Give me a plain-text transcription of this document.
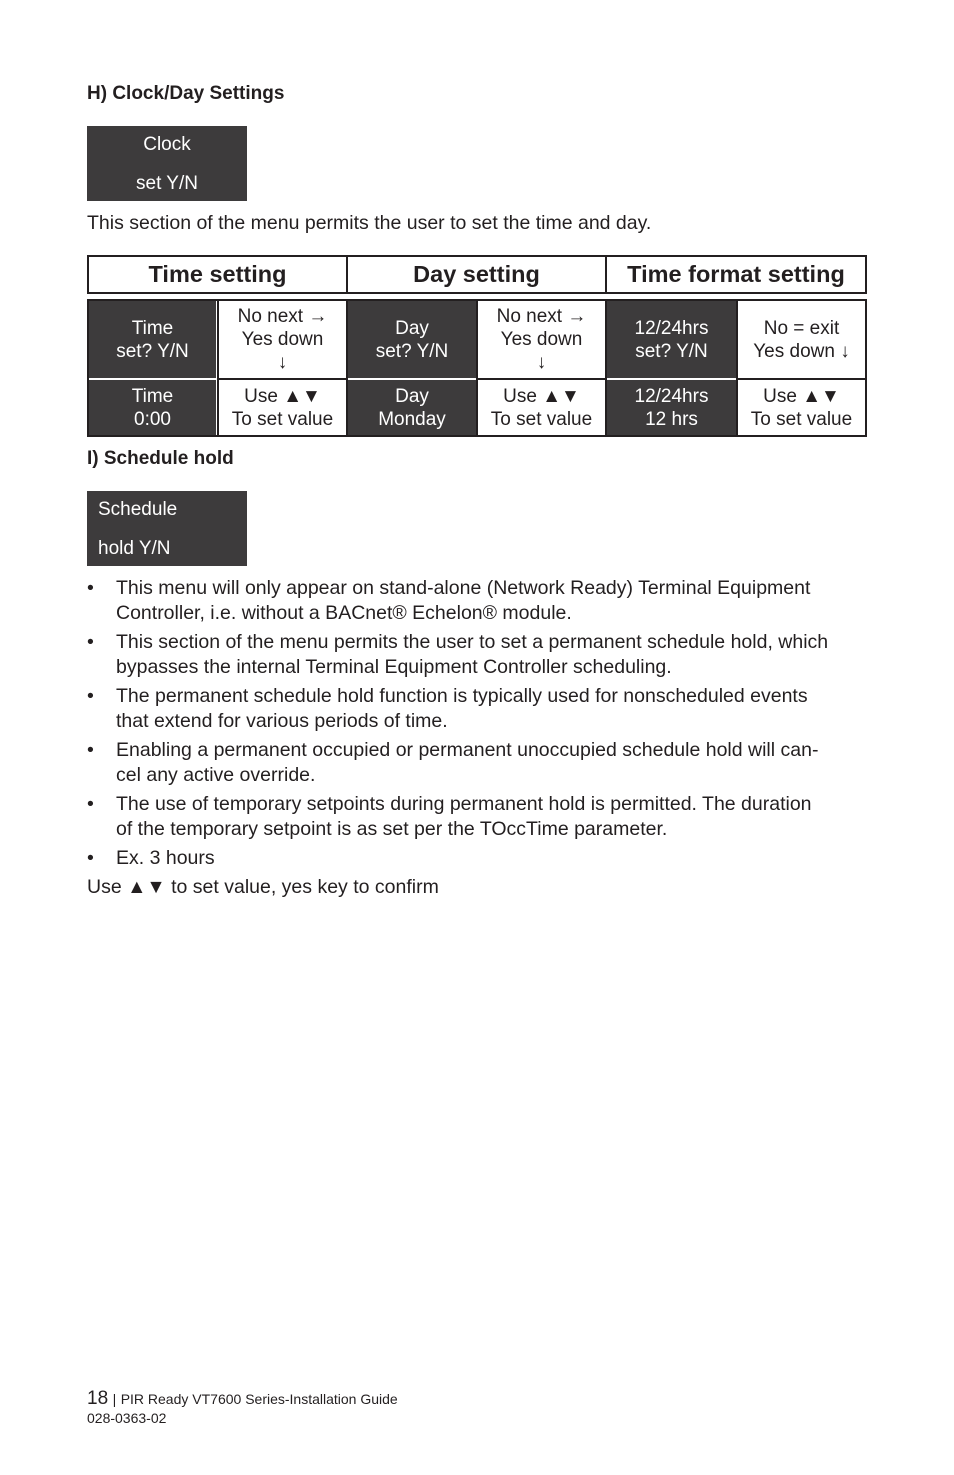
H) Clock/Day Settings
Clock
set Y/N
This section of the menu permits the user to set the time and day.
Time setting	Day setting	Time format setting
Time
set? Y/N
No next →
Yes down
↓
Day
set? Y/N
No next →
Yes down
↓
12/24hrs
set? Y/N
No = exit
Yes down ↓
Time
0:00
Use ▲▼
To set value
Day
Monday
Use ▲▼
To set value
12/24hrs
12 hrs
Use ▲▼
To set value
I) Schedule hold
Schedule
hold Y/N
• This menu will only appear on stand-alone (Network Ready) Terminal Equipment
Controller, i.e. without a BACnet® Echelon® module.
• This section of the menu permits the user to set a permanent schedule hold, which
bypasses the internal Terminal Equipment Controller scheduling.
• The permanent schedule hold function is typically used for nonscheduled events
that extend for various periods of time.
• Enabling a permanent occupied or permanent unoccupied schedule hold will can-
cel any active override.
• The use of temporary setpoints during permanent hold is permitted. The duration
of the temporary setpoint is as set per the TOccTime parameter.
• Ex. 3 hours
Use ▲▼ to set value, yes key to confirm
18 | PIR Ready VT7600 Series-Installation Guide
028-0363-02
